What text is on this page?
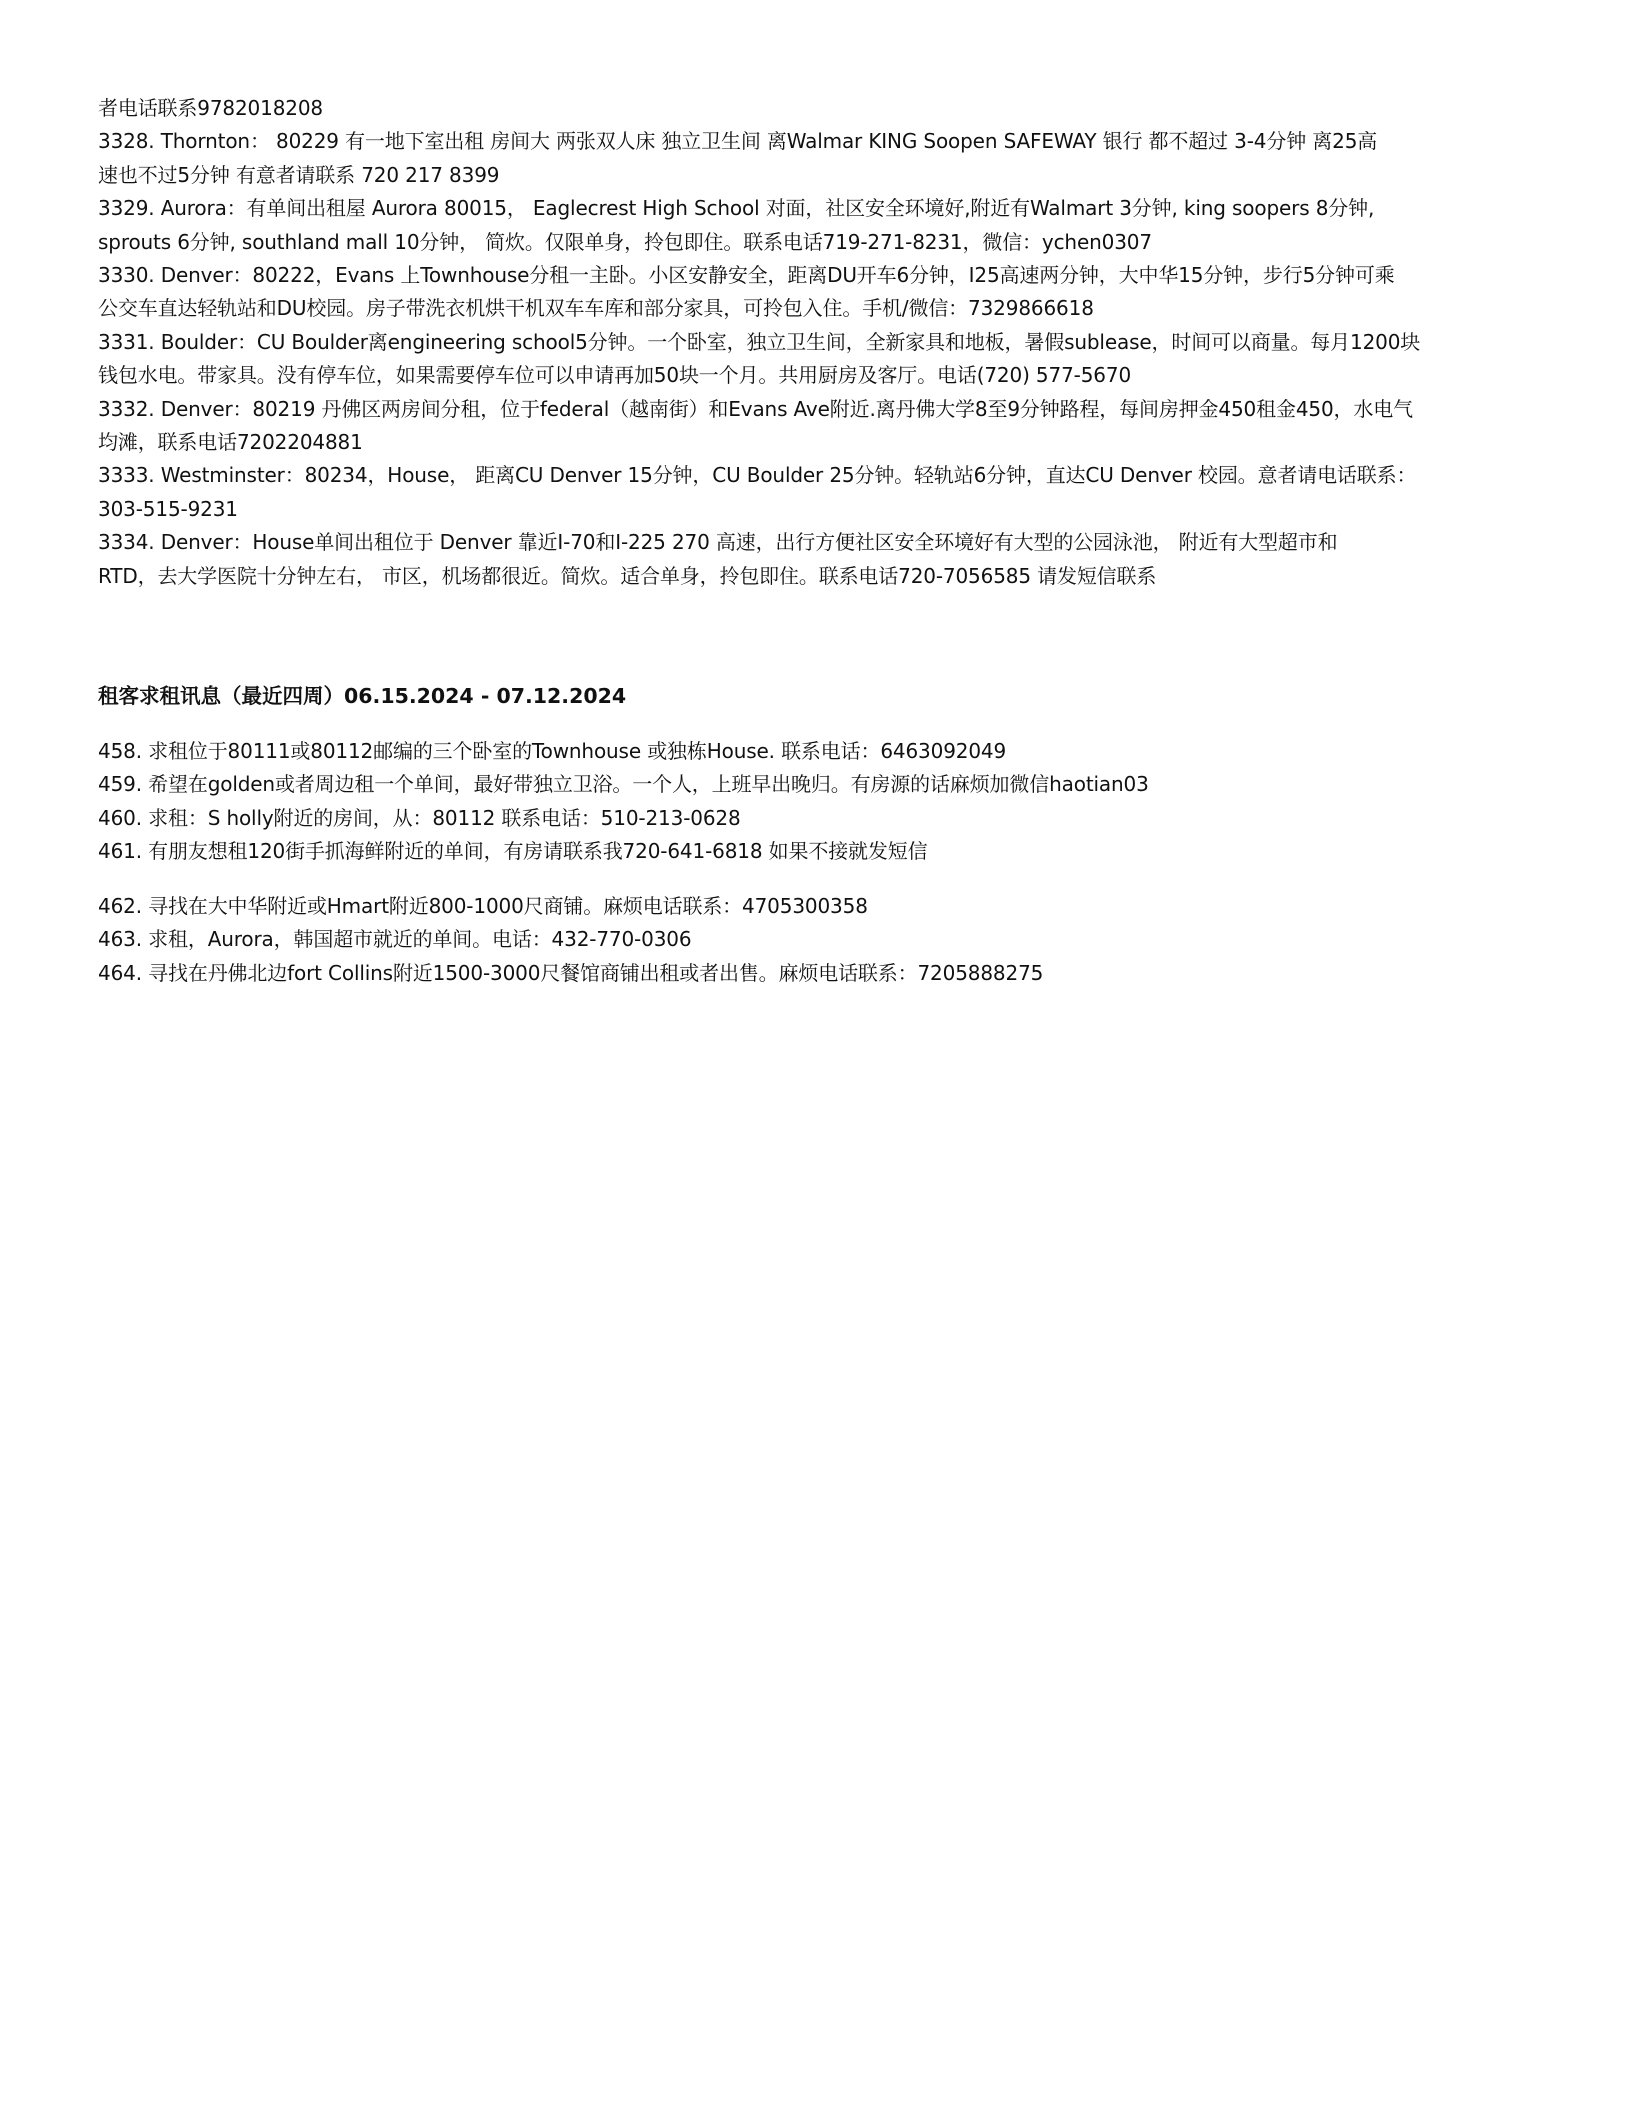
者电话联系9782018208
3328. Thornton： 80229 有一地下室出租 房间大 两张双人床 独立卫生间 离Walmar KING Soopen SAFEWAY 银行 都不超过 3-4分钟 离25高
速也不过5分钟 有意者请联系 720 217 8399
3329. Aurora：有单间出租屋 Aurora 80015， Eaglecrest High School 对面，社区安全环境好,附近有Walmart 3分钟, king soopers 8分钟,
sprouts 6分钟, southland mall 10分钟， 简炊。仅限单身，拎包即住。联系电话719-271-8231，微信：ychen0307
3330. Denver：80222，Evans 上Townhouse分租一主卧。小区安静安全，距离DU开车6分钟，I25高速两分钟，大中华15分钟，步行5分钟可乘
公交车直达轻轨站和DU校园。房子带洗衣机烘干机双车车库和部分家具，可拎包入住。手机/微信：7329866618
3331. Boulder：CU Boulder离engineering school5分钟。一个卧室，独立卫生间，全新家具和地板，暑假sublease，时间可以商量。每月1200块
钱包水电。带家具。没有停车位，如果需要停车位可以申请再加50块一个月。共用厨房及客厅。电话(720) 577-5670
3332. Denver：80219 丹佛区两房间分租，位于federal（越南街）和Evans Ave附近.离丹佛大学8至9分钟路程，每间房押金450租金450，水电气
均滩，联系电话7202204881
3333. Westminster：80234，House， 距离CU Denver 15分钟，CU Boulder 25分钟。轻轨站6分钟，直达CU Denver 校园。意者请电话联系：
303-515-9231
3334. Denver：House单间出租位于 Denver 靠近I-70和I-225 270 高速，出行方便社区安全环境好有大型的公园泳池， 附近有大型超市和
RTD，去大学医院十分钟左右， 市区，机场都很近。简炊。适合单身，拎包即住。联系电话720-7056585 请发短信联系
租客求租讯息（最近四周）06.15.2024 - 07.12.2024
458. 求租位于80111或80112邮编的三个卧室的Townhouse 或独栋House. 联系电话：6463092049
459. 希望在golden或者周边租一个单间，最好带独立卫浴。一个人，上班早出晚归。有房源的话麻烦加微信haotian03
460. 求租：S holly附近的房间，从：80112 联系电话：510-213-0628
461. 有朋友想租120街手抓海鲜附近的单间，有房请联系我720-641-6818 如果不接就发短信
462. 寻找在大中华附近或Hmart附近800-1000尺商铺。麻烦电话联系：4705300358
463. 求租，Aurora，韩国超市就近的单间。电话：432-770-0306
464. 寻找在丹佛北边fort Collins附近1500-3000尺餐馆商铺出租或者出售。麻烦电话联系：7205888275
